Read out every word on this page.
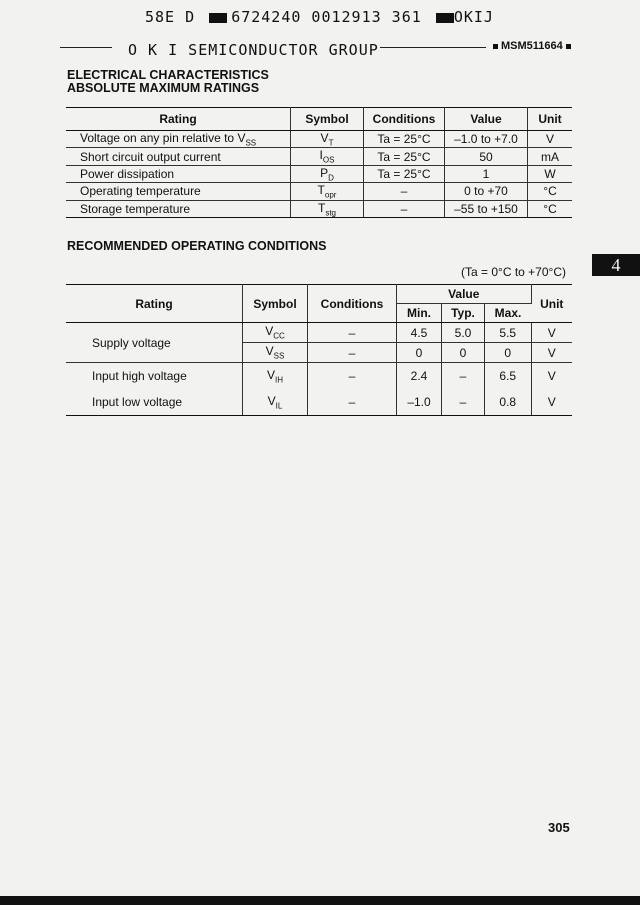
58E D 6724240 0012913 361 OKIJ
O K I SEMICONDUCTOR GROUP	MSM511664

ELECTRICAL CHARACTERISTICS

ABSOLUTE MAXIMUM RATINGS

Rating	Symbol	Conditions	Value	Unit
Voltage on any pin relative to $V_{SS}$	$V_T$	Ta = 25°C	–1.0 to +7.0	V
Short circuit output current	$I_{OS}$	Ta = 25°C	50	mA
Power dissipation	$P_D$	Ta = 25°C	1	W
Operating temperature	$T_{opr}$	–	0 to +70	°C
Storage temperature	$T_{stg}$	–	–55 to +150	°C

RECOMMENDED OPERATING CONDITIONS

4
(Ta = 0°C to +70°C)
Rating	Symbol	Conditions	Value			Unit
			Min.	Typ.	Max.	
Supply voltage	$V_{CC}$	–	4.5	5.0	5.5	V
	$V_{SS}$	–	0	0	0	V
Input high voltage	$V_{IH}$	–	2.4	–	6.5	V
Input low voltage	$V_{IL}$	–	–1.0	–	0.8	V
305
